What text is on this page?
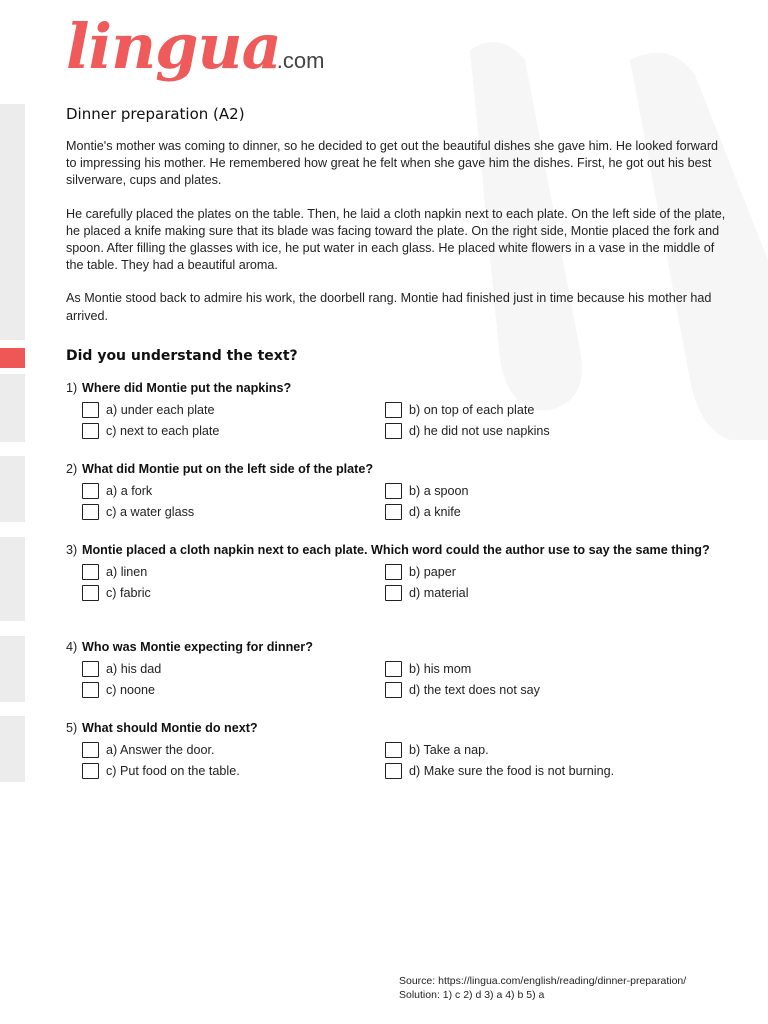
lingua.com
Dinner preparation (A2)

Montie's mother was coming to dinner, so he decided to get out the beautiful dishes she gave him. He looked forward to impressing his mother. He remembered how great he felt when she gave him the dishes. First, he got out his best silverware, cups and plates.

He carefully placed the plates on the table. Then, he laid a cloth napkin next to each plate. On the left side of the plate, he placed a knife making sure that its blade was facing toward the plate. On the right side, Montie placed the fork and spoon. After filling the glasses with ice, he put water in each glass. He placed white flowers in a vase in the middle of the table. They had a beautiful aroma.

As Montie stood back to admire his work, the doorbell rang. Montie had finished just in time because his mother had arrived.

Did you understand the text?
1) Where did Montie put the napkins?
a) under each plate	b) on top of each plate
c) next to each plate	d) he did not use napkins
2) What did Montie put on the left side of the plate?
a) a fork	b) a spoon
c) a water glass	d) a knife
3) Montie placed a cloth napkin next to each plate. Which word could the author use to say the same thing?
a) linen	b) paper
c) fabric	d) material
4) Who was Montie expecting for dinner?
a) his dad	b) his mom
c) noone	d) the text does not say
5) What should Montie do next?
a) Answer the door.	b) Take a nap.
c) Put food on the table.	d) Make sure the food is not burning.
Source: https://lingua.com/english/reading/dinner-preparation/
Solution: 1) c 2) d 3) a 4) b 5) a
